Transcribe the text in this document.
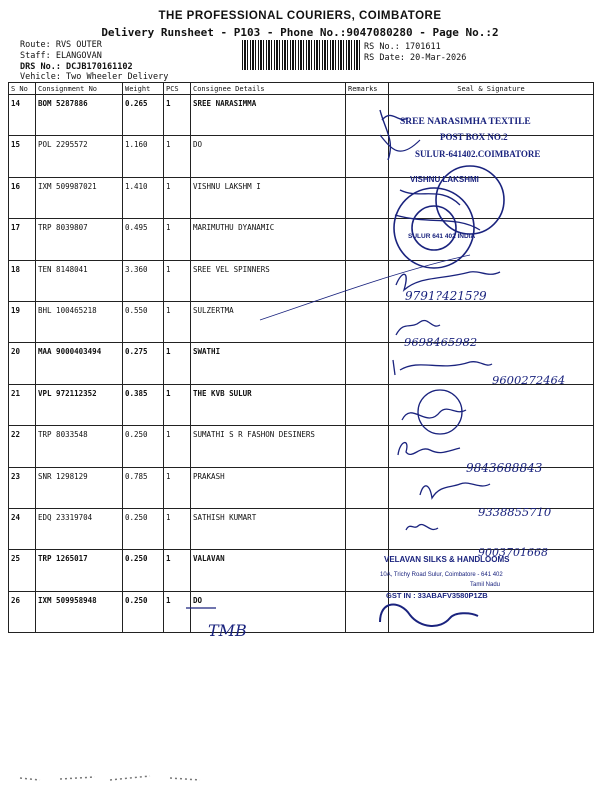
THE PROFESSIONAL COURIERS, COIMBATORE
Delivery Runsheet - P103 - Phone No.:9047080280 - Page No.:2
Route: RVS OUTER
Staff: ELANGOVAN
DRS No.: DCJB170161102
Vehicle: Two Wheeler Delivery
RS No.: 1701611
RS Date: 20-Mar-2026
S No	Consignment No	Weight	PCS	Consignee Details	Remarks	Seal & Signature
14	BOM 5287886	0.265	1	SREE NARASIMMA		
15	POL 2295572	1.160	1	DO		
16	IXM 509987021	1.410	1	VISHNU LAKSHM I		
17	TRP 8039807	0.495	1	MARIMUTHU DYANAMIC		
18	TEN 8148041	3.360	1	SREE VEL SPINNERS		
19	BHL 100465218	0.550	1	SULZERTMA		
20	MAA 9000403494	0.275	1	SWATHI		
21	VPL 972112352	0.385	1	THE KVB SULUR		
22	TRP 8033548	0.250	1	SUMATHI S R FASHON DESINERS		
23	SNR 1298129	0.785	1	PRAKASH		
24	EDQ 23319704	0.250	1	SATHISH KUMART		
25	TRP 1265017	0.250	1	VALAVAN		
26	IXM 509958948	0.250	1	DO		
SREE NARASIMHA TEXTILE
POST BOX NO.2
SULUR-641402.COIMBATORE
VISHNU LAKSHMI
SULUR 641 402 INDIA
9791?4215?9
9698465982
9600272464
9843688843
9338855710
9003701668
VELAVAN SILKS & HANDLOOMS
10A, Trichy Road Sulur, Coimbatore - 641 402
Tamil Nadu
GST IN : 33ABAFV3580P1ZB
TMB
